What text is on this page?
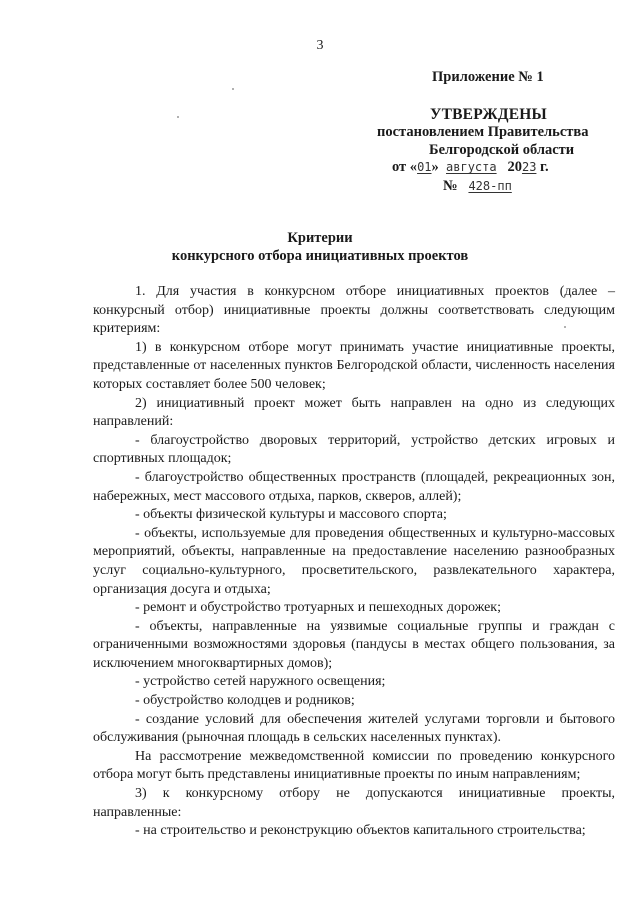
3
Приложение № 1
УТВЕРЖДЕНЫ
постановлением Правительства
Белгородской области
от «01» августа 2023 г.
№ 428-пп
Критерии
конкурсного отбора инициативных проектов

1. Для участия в конкурсном отборе инициативных проектов (далее – конкурсный отбор) инициативные проекты должны соответствовать следующим критериям:

1) в конкурсном отборе могут принимать участие инициативные проекты, представленные от населенных пунктов Белгородской области, численность населения которых составляет более 500 человек;

2) инициативный проект может быть направлен на одно из следующих направлений:

- благоустройство дворовых территорий, устройство детских игровых и спортивных площадок;

- благоустройство общественных пространств (площадей, рекреационных зон, набережных, мест массового отдыха, парков, скверов, аллей);

- объекты физической культуры и массового спорта;

- объекты, используемые для проведения общественных и культурно-массовых мероприятий, объекты, направленные на предоставление населению разнообразных услуг социально-культурного, просветительского, развлекательного характера, организация досуга и отдыха;

- ремонт и обустройство тротуарных и пешеходных дорожек;

- объекты, направленные на уязвимые социальные группы и граждан с ограниченными возможностями здоровья (пандусы в местах общего пользования, за исключением многоквартирных домов);

- устройство сетей наружного освещения;

- обустройство колодцев и родников;

- создание условий для обеспечения жителей услугами торговли и бытового обслуживания (рыночная площадь в сельских населенных пунктах).

На рассмотрение межведомственной комиссии по проведению конкурсного отбора могут быть представлены инициативные проекты по иным направлениям;

3) к конкурсному отбору не допускаются инициативные проекты, направленные:

- на строительство и реконструкцию объектов капитального строительства;
